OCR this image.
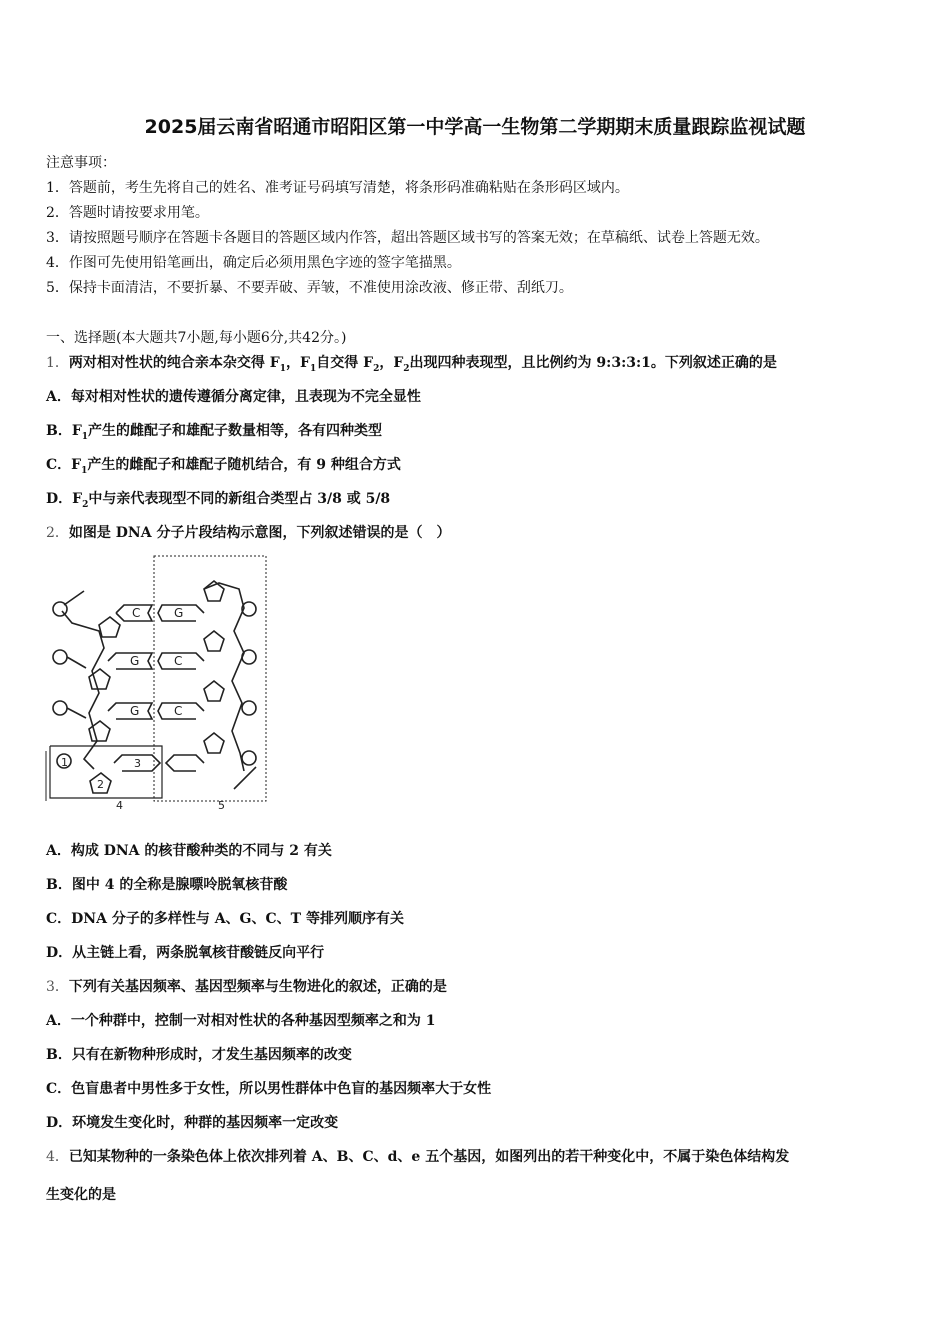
2025届云南省昭通市昭阳区第一中学高一生物第二学期期末质量跟踪监视试题
注意事项：
1．答题前，考生先将自己的姓名、准考证号码填写清楚，将条形码准确粘贴在条形码区域内。
2．答题时请按要求用笔。
3．请按照题号顺序在答题卡各题目的答题区域内作答，超出答题区域书写的答案无效；在草稿纸、试卷上答题无效。
4．作图可先使用铅笔画出，确定后必须用黑色字迹的签字笔描黑。
5．保持卡面清洁，不要折暴、不要弄破、弄皱，不准使用涂改液、修正带、刮纸刀。
一、选择题(本大题共7小题,每小题6分,共42分。)
1．两对相对性状的纯合亲本杂交得 $F_1$，$F_1$自交得 $F_2$，$F_2$出现四种表现型，且比例约为 9:3:3:1。下列叙述正确的是
A．每对相对性状的遗传遵循分离定律，且表现为不完全显性
B．$F_1$产生的雌配子和雄配子数量相等，各有四种类型
C．$F_1$产生的雌配子和雄配子随机结合，有 9 种组合方式
D．$F_2$中与亲代表现型不同的新组合类型占 3/8 或 5/8
2．如图是 DNA 分子片段结构示意图，下列叙述错误的是（　）
C	G
G	C
G	C
1
2
3
4	5
A．构成 DNA 的核苷酸种类的不同与 2 有关
B．图中 4 的全称是腺嘌呤脱氧核苷酸
C．DNA 分子的多样性与 A、G、C、T 等排列顺序有关
D．从主链上看，两条脱氧核苷酸链反向平行
3．下列有关基因频率、基因型频率与生物进化的叙述，正确的是
A．一个种群中，控制一对相对性状的各种基因型频率之和为 1
B．只有在新物种形成时，才发生基因频率的改变
C．色盲患者中男性多于女性，所以男性群体中色盲的基因频率大于女性
D．环境发生变化时，种群的基因频率一定改变
4．已知某物种的一条染色体上依次排列着 A、B、C、d、e 五个基因，如图列出的若干种变化中，不属于染色体结构发
生变化的是
